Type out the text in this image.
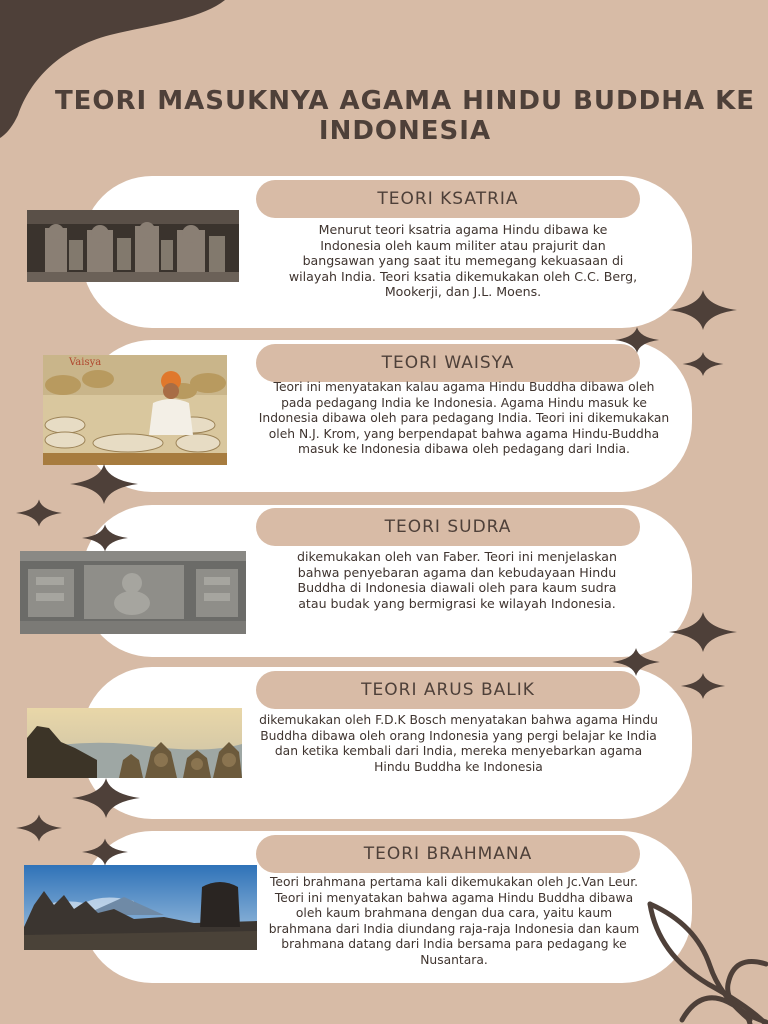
TEORI MASUKNYA AGAMA HINDU BUDDHA KE INDONESIA
TEORI KSATRIA
Menurut teori ksatria agama Hindu dibawa ke Indonesia oleh kaum militer atau prajurit dan bangsawan yang saat itu memegang kekuasaan di wilayah India. Teori ksatia dikemukakan oleh C.C. Berg, Mookerji, dan J.L. Moens.
Vaisya	TEORI WAISYA
Teori ini menyatakan kalau agama Hindu Buddha dibawa oleh pada pedagang India ke Indonesia. Agama Hindu masuk ke Indonesia dibawa oleh para pedagang India. Teori ini dikemukakan oleh N.J. Krom, yang berpendapat bahwa agama Hindu-Buddha masuk ke Indonesia dibawa oleh pedagang dari India.
TEORI SUDRA
dikemukakan oleh van Faber. Teori ini menjelaskan bahwa penyebaran agama dan kebudayaan Hindu Buddha di Indonesia diawali oleh para kaum sudra atau budak yang bermigrasi ke wilayah Indonesia.
TEORI ARUS BALIK
dikemukakan oleh F.D.K Bosch menyatakan bahwa agama Hindu Buddha dibawa oleh orang Indonesia yang pergi belajar ke India dan ketika kembali dari India, mereka menyebarkan agama Hindu Buddha ke Indonesia
TEORI BRAHMANA
Teori brahmana pertama kali dikemukakan oleh Jc.Van Leur. Teori ini menyatakan bahwa agama Hindu Buddha dibawa oleh kaum brahmana dengan dua cara, yaitu kaum brahmana dari India diundang raja-raja Indonesia dan kaum brahmana datang dari India bersama para pedagang ke Nusantara.
